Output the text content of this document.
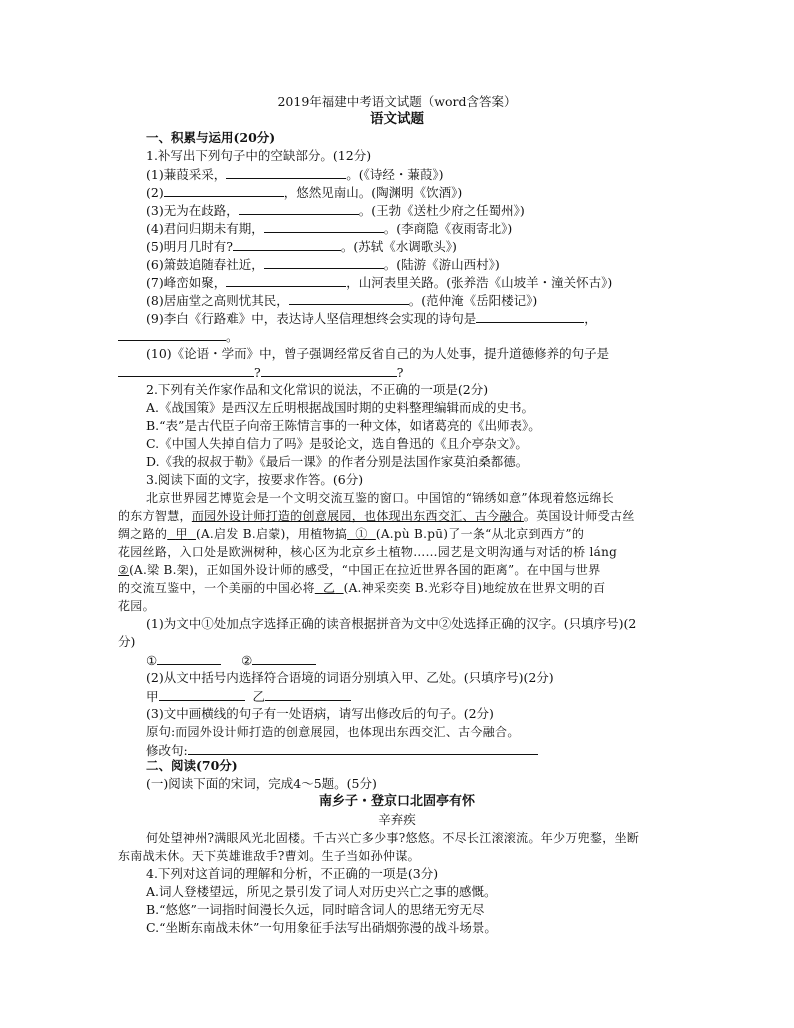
2019年福建中考语文试题（word含答案）
语文试题
一、积累与运用(20分)
1.补写出下列句子中的空缺部分。(12分)
(1)蒹葭采采，	。(《诗经・蒹葭》)
(2)	，悠然见南山。(陶渊明《饮酒》)
(3)无为在歧路，	。(王勃《送杜少府之任蜀州》)
(4)君问归期未有期，	。(李商隐《夜雨寄北》)
(5)明月几时有?	。(苏轼《水调歌头》)
(6)箫鼓追随春社近，	。(陆游《游山西村》)
(7)峰峦如聚，	，山河表里关路。(张养浩《山坡羊・潼关怀古》)
(8)居庙堂之高则忧其民，	。(范仲淹《岳阳楼记》)
(9)李白《行路难》中，表达诗人坚信理想终会实现的诗句是	，
。
(10)《论语・学而》中，曾子强调经常反省自己的为人处事，提升道德修养的句子是
?	?
2.下列有关作家作品和文化常识的说法，不正确的一项是(2分)
A.《战国策》是西汉左丘明根据战国时期的史料整理编辑而成的史书。
B.“表”是古代臣子向帝王陈情言事的一种文体，如诸葛亮的《出师表》。
C.《中国人失掉自信力了吗》是驳论文，选自鲁迅的《且介亭杂文》。
D.《我的叔叔于勒》《最后一课》的作者分别是法国作家莫泊桑都德。
3.阅读下面的文字，按要求作答。(6分)
北京世界园艺博览会是一个文明交流互鉴的窗口。中国馆的“锦绣如意”体现着悠远绵长
的东方智慧，而园外设计师打造的创意展园，也体现出东西交汇、古今融合。英国设计师受古丝
绸之路的 甲 (A.启发 B.启蒙)，用植物搞 ① (A.pù B.pū)了一条“从北京到西方”的
花园丝路，入口处是欧洲树种，核心区为北京乡土植物……园艺是文明沟通与对话的桥 láng
②(A.梁 B.架)，正如国外设计师的感受，“中国正在拉近世界各国的距离”。在中国与世界
的交流互鉴中，一个美丽的中国必将 乙 (A.神采奕奕 B.光彩夺目)地绽放在世界文明的百
花园。
(1)为文中①处加点字选择正确的读音根据拼音为文中②处选择正确的汉字。(只填序号)(2
分)
①	②
(2)从文中括号内选择符合语境的词语分别填入甲、乙处。(只填序号)(2分)
甲	乙
(3)文中画横线的句子有一处语病，请写出修改后的句子。(2分)
原句:而园外设计师打造的创意展园，也体现出东西交汇、古今融合。
修改句:
二、阅读(70分)
(一)阅读下面的宋词，完成4～5题。(5分)
南乡子・登京口北固亭有怀
辛弃疾
何处望神州?满眼风光北固楼。千古兴亡多少事?悠悠。不尽长江滚滚流。年少万兜鍪，坐断
东南战未休。天下英雄谁敌手?曹刘。生子当如孙仲谋。
4.下列对这首词的理解和分析，不正确的一项是(3分)
A.词人登楼望远，所见之景引发了词人对历史兴亡之事的感慨。
B.“悠悠”一词指时间漫长久远，同时暗含词人的思绪无穷无尽
C.“坐断东南战未休”一句用象征手法写出硝烟弥漫的战斗场景。
